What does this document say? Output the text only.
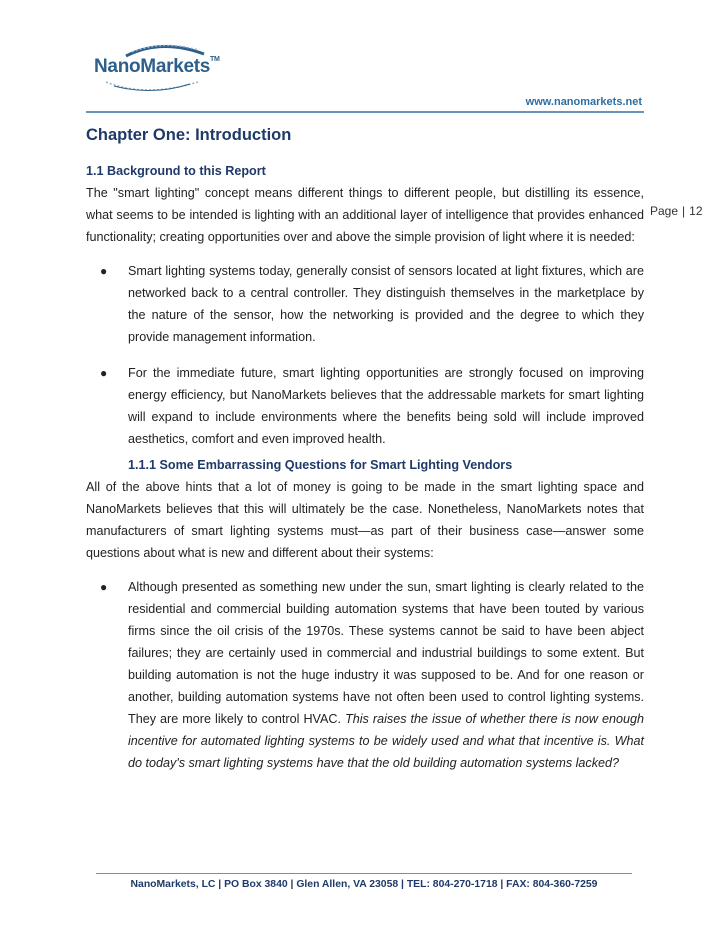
NanoMarkets™
www.nanomarkets.net
Page | 12
Chapter One: Introduction
1.1 Background to this Report

The "smart lighting" concept means different things to different people, but distilling its essence, what seems to be intended is lighting with an additional layer of intelligence that provides enhanced functionality; creating opportunities over and above the simple provision of light where it is needed:

● Smart lighting systems today, generally consist of sensors located at light fixtures, which are networked back to a central controller. They distinguish themselves in the marketplace by the nature of the sensor, how the networking is provided and the degree to which they provide management information.
● For the immediate future, smart lighting opportunities are strongly focused on improving energy efficiency, but NanoMarkets believes that the addressable markets for smart lighting will expand to include environments where the benefits being sold will include improved aesthetics, comfort and even improved health.
1.1.1 Some Embarrassing Questions for Smart Lighting Vendors

All of the above hints that a lot of money is going to be made in the smart lighting space and NanoMarkets believes that this will ultimately be the case. Nonetheless, NanoMarkets notes that manufacturers of smart lighting systems must—as part of their business case—answer some questions about what is new and different about their systems:

● Although presented as something new under the sun, smart lighting is clearly related to the residential and commercial building automation systems that have been touted by various firms since the oil crisis of the 1970s. These systems cannot be said to have been abject failures; they are certainly used in commercial and industrial buildings to some extent. But building automation is not the huge industry it was supposed to be. And for one reason or another, building automation systems have not often been used to control lighting systems. They are more likely to control HVAC. This raises the issue of whether there is now enough incentive for automated lighting systems to be widely used and what that incentive is. What do today's smart lighting systems have that the old building automation systems lacked?
NanoMarkets, LC | PO Box 3840 | Glen Allen, VA 23058 | TEL: 804-270-1718 | FAX: 804-360-7259
